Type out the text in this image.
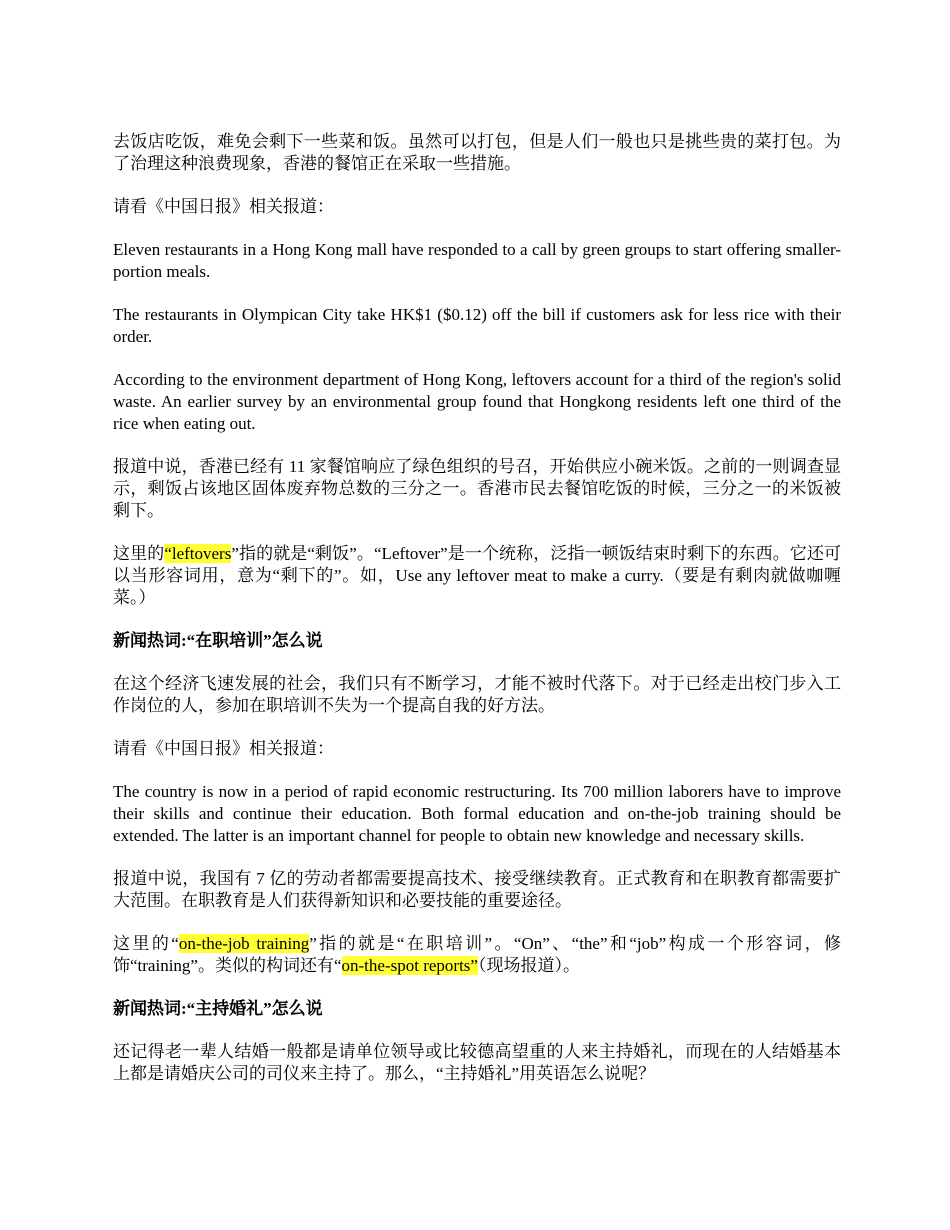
去饭店吃饭，难免会剩下一些菜和饭。虽然可以打包，但是人们一般也只是挑些贵的菜打包。为了治理这种浪费现象，香港的餐馆正在采取一些措施。

请看《中国日报》相关报道：

Eleven restaurants in a Hong Kong mall have responded to a call by green groups to start offering smaller-portion meals.

The restaurants in Olympican City take HK$1 ($0.12) off the bill if customers ask for less rice with their order.

According to the environment department of Hong Kong, leftovers account for a third of the region's solid waste. An earlier survey by an environmental group found that Hongkong residents left one third of the rice when eating out.

报道中说，香港已经有 11 家餐馆响应了绿色组织的号召，开始供应小碗米饭。之前的一则调查显示，剩饭占该地区固体废弃物总数的三分之一。香港市民去餐馆吃饭的时候，三分之一的米饭被剩下。

这里的“leftovers”指的就是“剩饭”。“Leftover”是一个统称，泛指一顿饭结束时剩下的东西。它还可以当形容词用，意为“剩下的”。如，Use any leftover meat to make a curry.（要是有剩肉就做咖喱菜。）

新闻热词:“在职培训”怎么说

在这个经济飞速发展的社会，我们只有不断学习，才能不被时代落下。对于已经走出校门步入工作岗位的人，参加在职培训不失为一个提高自我的好方法。

请看《中国日报》相关报道：

The country is now in a period of rapid economic restructuring. Its 700 million laborers have to improve their skills and continue their education. Both formal education and on-the-job training should be extended. The latter is an important channel for people to obtain new knowledge and necessary skills.

报道中说，我国有 7 亿的劳动者都需要提高技术、接受继续教育。正式教育和在职教育都需要扩大范围。在职教育是人们获得新知识和必要技能的重要途径。

这里的“on-the-job training”指的就是“在职培训”。“On”、“the”和“job”构成一个形容词，修饰“training”。类似的构词还有“on-the-spot reports”（现场报道）。

新闻热词:“主持婚礼”怎么说

还记得老一辈人结婚一般都是请单位领导或比较德高望重的人来主持婚礼，而现在的人结婚基本上都是请婚庆公司的司仪来主持了。那么，“主持婚礼”用英语怎么说呢？
